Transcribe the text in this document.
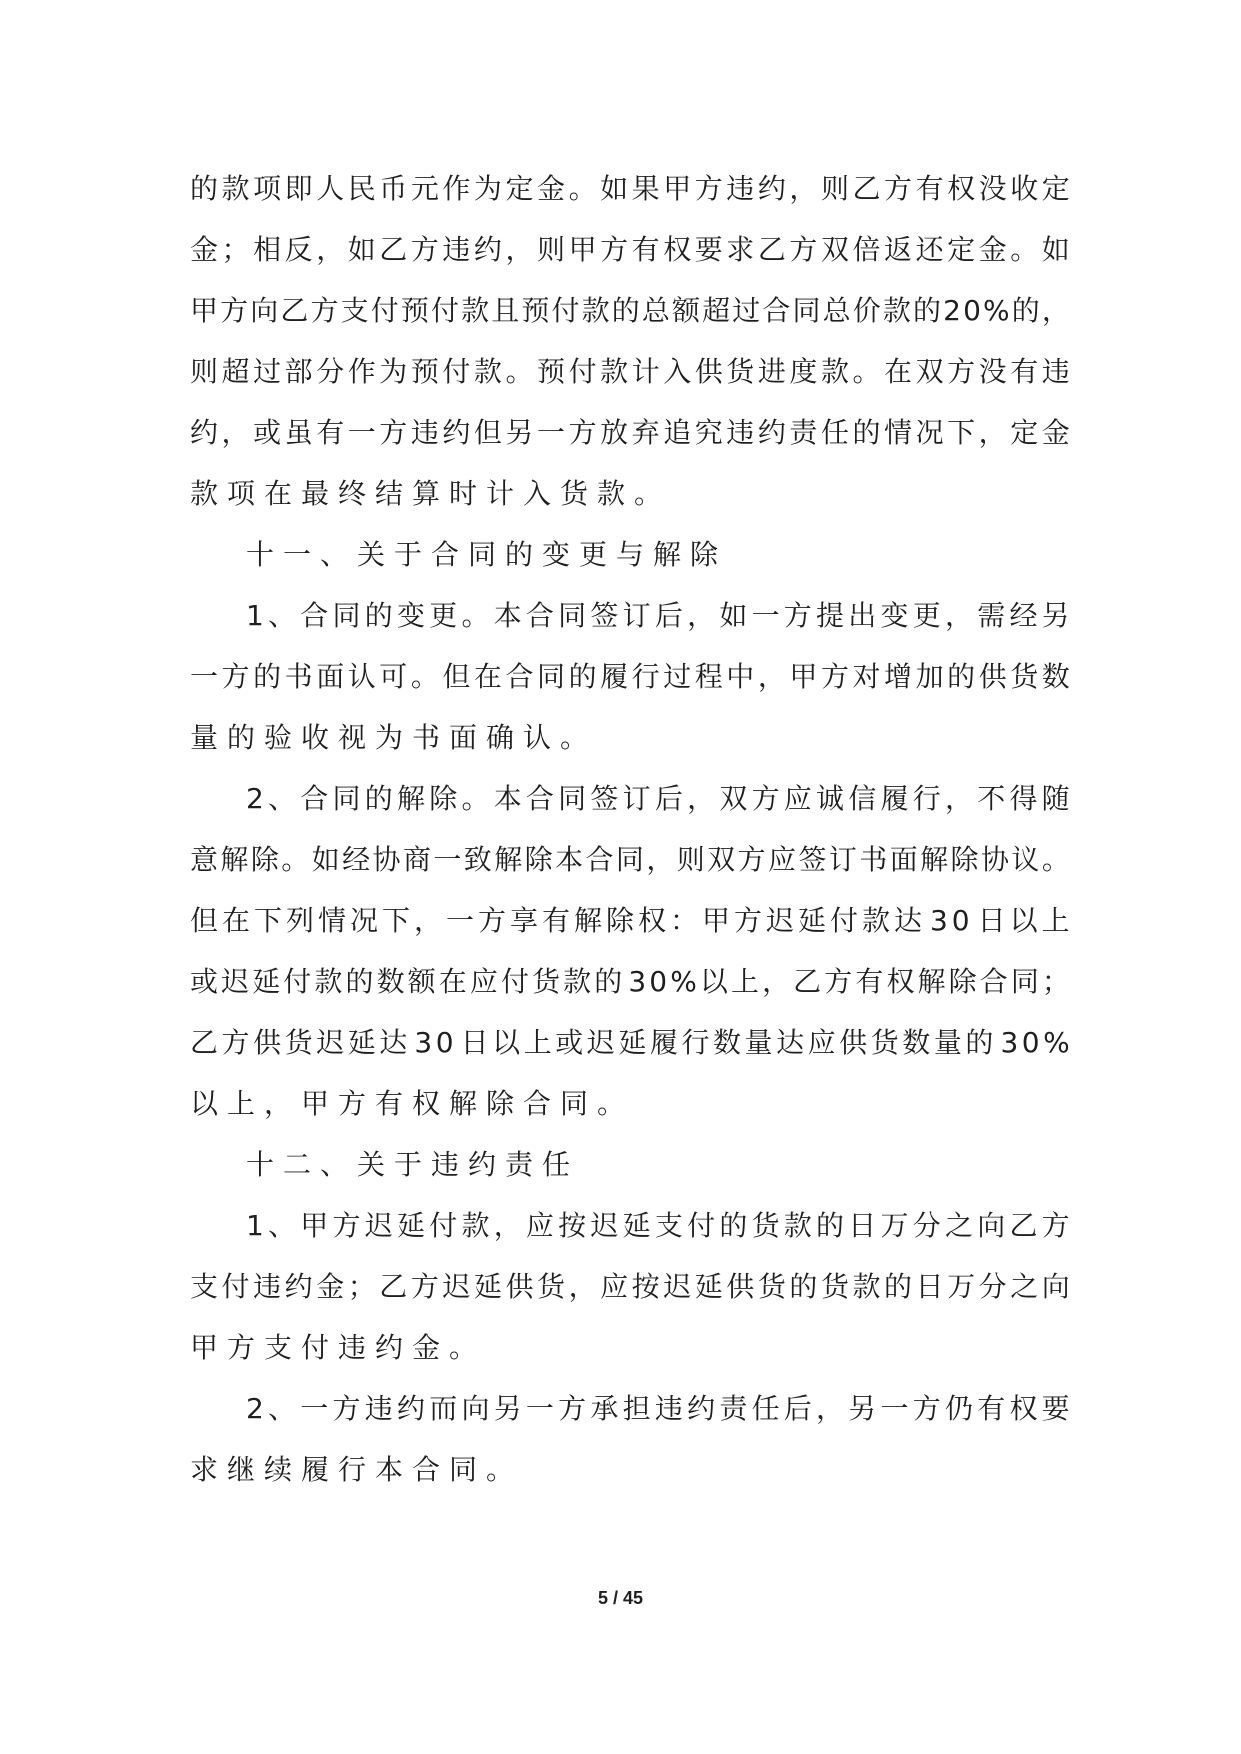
的 款 项 即 人 民 币 元 作 为 定 金 。 如 果 甲 方 违 约 ， 则 乙 方 有 权 没 收 定
金 ； 相 反 ， 如 乙 方 违 约 ， 则 甲 方 有 权 要 求 乙 方 双 倍 返 还 定 金 。 如
甲 方 向 乙 方 支 付 预 付 款 且 预 付 款 的 总 额 超 过 合 同 总 价 款 的 2 0 % 的 ，
则 超 过 部 分 作 为 预 付 款 。 预 付 款 计 入 供 货 进 度 款 。 在 双 方 没 有 违
约 ， 或 虽 有 一 方 违 约 但 另 一 方 放 弃 追 究 违 约 责 任 的 情 况 下 ， 定 金
款项在最终结算时计入货款。
十一、关于合同的变更与解除
1 、 合 同 的 变 更 。 本 合 同 签 订 后 ， 如 一 方 提 出 变 更 ， 需 经 另
一 方 的 书 面 认 可 。 但 在 合 同 的 履 行 过 程 中 ， 甲 方 对 增 加 的 供 货 数
量的验收视为书面确认。
2 、 合 同 的 解 除 。 本 合 同 签 订 后 ， 双 方 应 诚 信 履 行 ， 不 得 随
意 解 除 。 如 经 协 商 一 致 解 除 本 合 同 ， 则 双 方 应 签 订 书 面 解 除 协 议 。
但 在 下 列 情 况 下 ， 一 方 享 有 解 除 权 ： 甲 方 迟 延 付 款 达 3 0 日 以 上
或 迟 延 付 款 的 数 额 在 应 付 货 款 的 3 0 % 以 上 ， 乙 方 有 权 解 除 合 同 ；
乙 方 供 货 迟 延 达 3 0 日 以 上 或 迟 延 履 行 数 量 达 应 供 货 数 量 的 3 0 %
以上，甲方有权解除合同。
十二、关于违约责任
1 、 甲 方 迟 延 付 款 ， 应 按 迟 延 支 付 的 货 款 的 日 万 分 之 向 乙 方
支 付 违 约 金 ； 乙 方 迟 延 供 货 ， 应 按 迟 延 供 货 的 货 款 的 日 万 分 之 向
甲方支付违约金。
2 、 一 方 违 约 而 向 另 一 方 承 担 违 约 责 任 后 ， 另 一 方 仍 有 权 要
求继续履行本合同。
5 / 45
